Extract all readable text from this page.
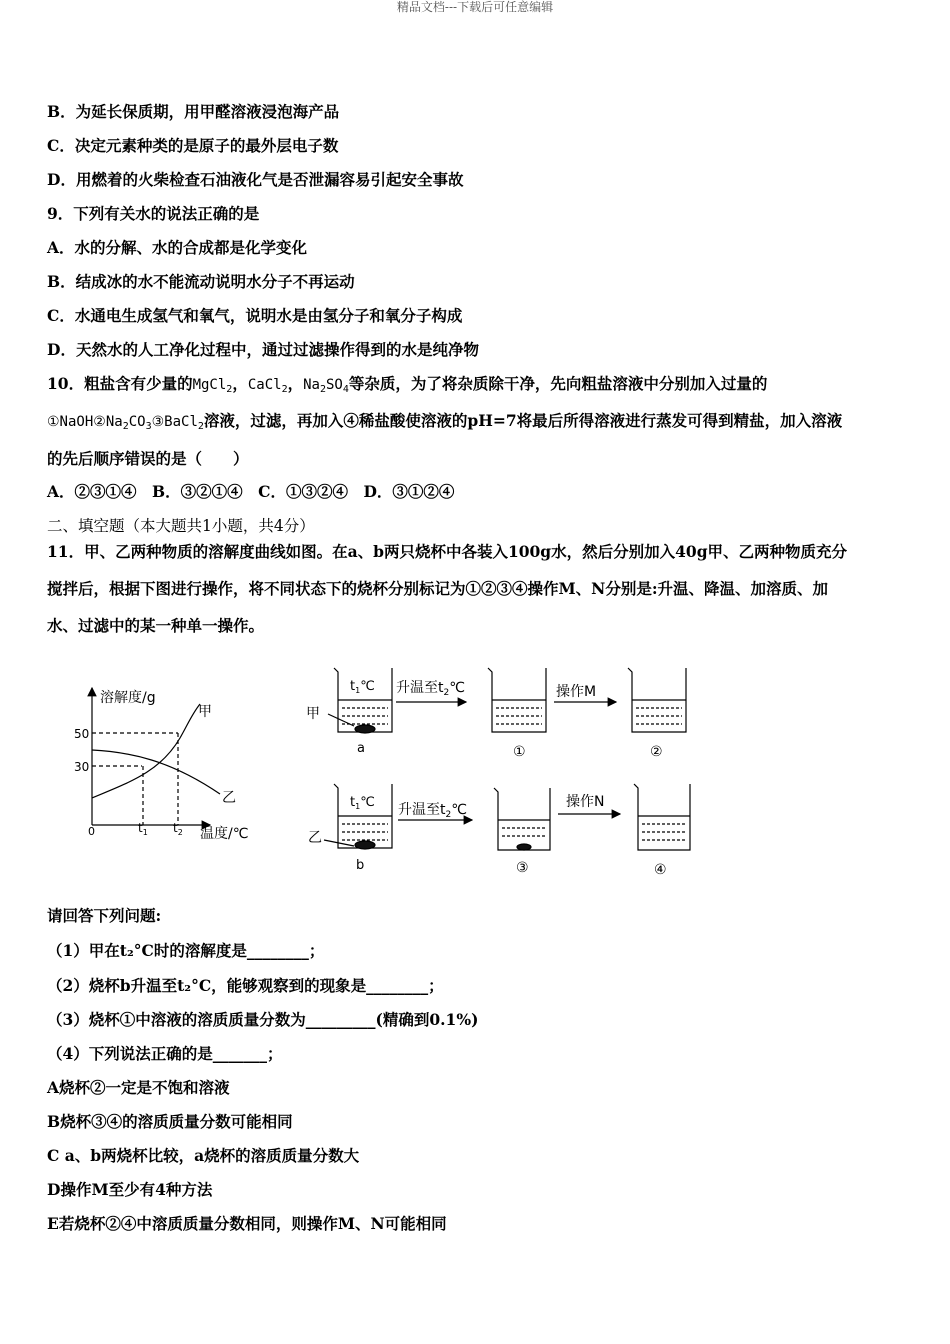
精品文档---下载后可任意编辑
B．为延长保质期，用甲醛溶液浸泡海产品
C．决定元素种类的是原子的最外层电子数
D．用燃着的火柴检查石油液化气是否泄漏容易引起安全事故
9．下列有关水的说法正确的是
A．水的分解、水的合成都是化学变化
B．结成冰的水不能流动说明水分子不再运动
C．水通电生成氢气和氧气，说明水是由氢分子和氧分子构成
D．天然水的人工净化过程中，通过过滤操作得到的水是纯净物
10．粗盐含有少量的MgCl$_2$，CaCl$_2$，$Na_2SO_4$等杂质，为了将杂质除干净，先向粗盐溶液中分别加入过量的
$①NaOH②Na_2CO_3③BaCl_2$溶液，过滤，再加入④稀盐酸使溶液的pH=7将最后所得溶液进行蒸发可得到精盐，加入溶液
的先后顺序错误的是（　　）
A．②③①④　B．③②①④　C．①③②④　D．③①②④
二、填空题（本大题共1小题，共4分）
11．甲、乙两种物质的溶解度曲线如图。在a、b两只烧杯中各装入100g水，然后分别加入40g甲、乙两种物质充分
搅拌后，根据下图进行操作，将不同状态下的烧杯分别标记为①②③④操作M、N分别是:升温、降温、加溶质、加
水、过滤中的某一种单一操作。
溶解度/g
温度/℃
50
30
0	$t_1$ $t_2$
甲
乙
$t_1℃$
甲
a
升温至$t_2℃$
①
操作M
②
$t_1℃$
乙
b
升温至$t_2℃$
③
操作N
④
请回答下列问题:
（1）甲在t₂°C时的溶解度是________；
（2）烧杯b升温至t₂°C，能够观察到的现象是________；
（3）烧杯①中溶液的溶质质量分数为_________(精确到0.1%)
（4）下列说法正确的是_______；
A烧杯②一定是不饱和溶液
B烧杯③④的溶质质量分数可能相同
C a、b两烧杯比较，a烧杯的溶质质量分数大
D操作M至少有4种方法
E若烧杯②④中溶质质量分数相同，则操作M、N可能相同
